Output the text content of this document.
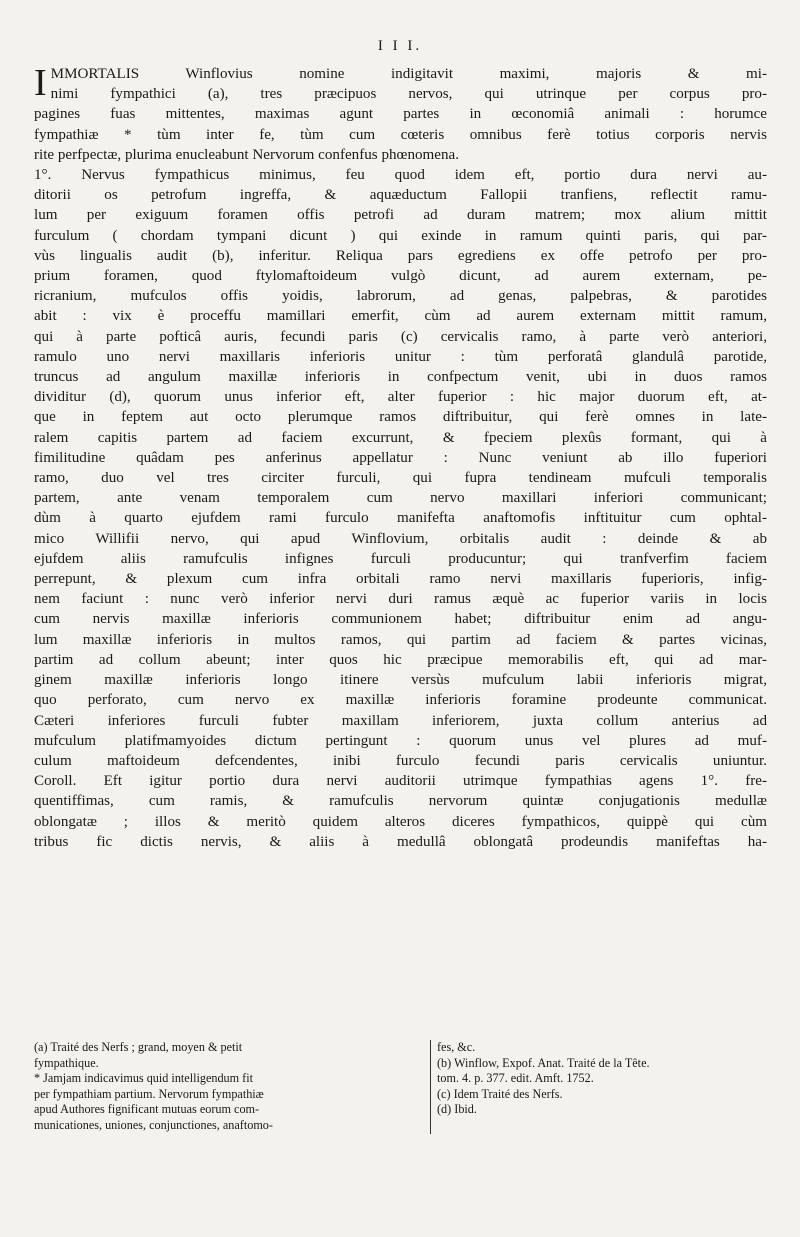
I I I.
I MMORTALIS Winflovius nomine indigitavit maximi, majoris & mi-
nimi fympathici (a), tres præcipuos nervos, qui utrinque per corpus pro-
pagines fuas mittentes, maximas agunt partes in œconomiâ animali : horumce
fympathiæ * tùm inter fe, tùm cum cœteris omnibus ferè totius corporis nervis
rite perfpectæ, plurima enucleabunt Nervorum confenfus phœnomena.
1°. Nervus fympathicus minimus, feu quod idem eft, portio dura nervi au-
ditorii os petrofum ingreffa, & aquæductum Fallopii tranfiens, reflectit ramu-
lum per exiguum foramen offis petrofi ad duram matrem; mox alium mittit
furculum ( chordam tympani dicunt ) qui exinde in ramum quinti paris, qui par-
vùs lingualis audit (b), inferitur. Reliqua pars egrediens ex offe petrofo per pro-
prium foramen, quod ftylomaftoideum vulgò dicunt, ad aurem externam, pe-
ricranium, mufculos offis yoidis, labrorum, ad genas, palpebras, & parotides
abit : vix è proceffu mamillari emerfit, cùm ad aurem externam mittit ramum,
qui à parte pofticâ auris, fecundi paris (c) cervicalis ramo, à parte verò anteriori,
ramulo uno nervi maxillaris inferioris unitur : tùm perforatâ glandulâ parotide,
truncus ad angulum maxillæ inferioris in confpectum venit, ubi in duos ramos
dividitur (d), quorum unus inferior eft, alter fuperior : hic major duorum eft, at-
que in feptem aut octo plerumque ramos diftribuitur, qui ferè omnes in late-
ralem capitis partem ad faciem excurrunt, & fpeciem plexûs formant, qui à
fimilitudine quâdam pes anferinus appellatur : Nunc veniunt ab illo fuperiori
ramo, duo vel tres circiter furculi, qui fupra tendineam mufculi temporalis
partem, ante venam temporalem cum nervo maxillari inferiori communicant;
dùm à quarto ejufdem rami furculo manifefta anaftomofis inftituitur cum ophtal-
mico Willifii nervo, qui apud Winflovium, orbitalis audit : deinde & ab
ejufdem aliis ramufculis infignes furculi producuntur; qui tranfverfim faciem
perrepunt, & plexum cum infra orbitali ramo nervi maxillaris fuperioris, infig-
nem faciunt : nunc verò inferior nervi duri ramus æquè ac fuperior variis in locis
cum nervis maxillæ inferioris communionem habet; diftribuitur enim ad angu-
lum maxillæ inferioris in multos ramos, qui partim ad faciem & partes vicinas,
partim ad collum abeunt; inter quos hic præcipue memorabilis eft, qui ad mar-
ginem maxillæ inferioris longo itinere versùs mufculum labii inferioris migrat,
quo perforato, cum nervo ex maxillæ inferioris foramine prodeunte communicat.
Cæteri inferiores furculi fubter maxillam inferiorem, juxta collum anterius ad
mufculum platifmamyoides dictum pertingunt : quorum unus vel plures ad muf-
culum maftoideum defcendentes, inibi furculo fecundi paris cervicalis uniuntur.
Coroll. Eft igitur portio dura nervi auditorii utrimque fympathias agens 1°. fre-
quentiffimas, cum ramis, & ramufculis nervorum quintæ conjugationis medullæ
oblongatæ ; illos & meritò quidem alteros diceres fympathicos, quippè qui cùm
tribus fic dictis nervis, & aliis à medullâ oblongatâ prodeundis manifeftas ha-
(a) Traité des Nerfs ; grand, moyen & petit
fympathique.
* Jamjam indicavimus quid intelligendum fit
per fympathiam partium. Nervorum fympathiæ
apud Authores fignificant mutuas eorum com-
municationes, uniones, conjunctiones, anaftomo-
fes, &c.
(b) Winflow, Expof. Anat. Traité de la Tête.
tom. 4. p. 377. edit. Amft. 1752.
(c) Idem Traité des Nerfs.
(d) Ibid.
